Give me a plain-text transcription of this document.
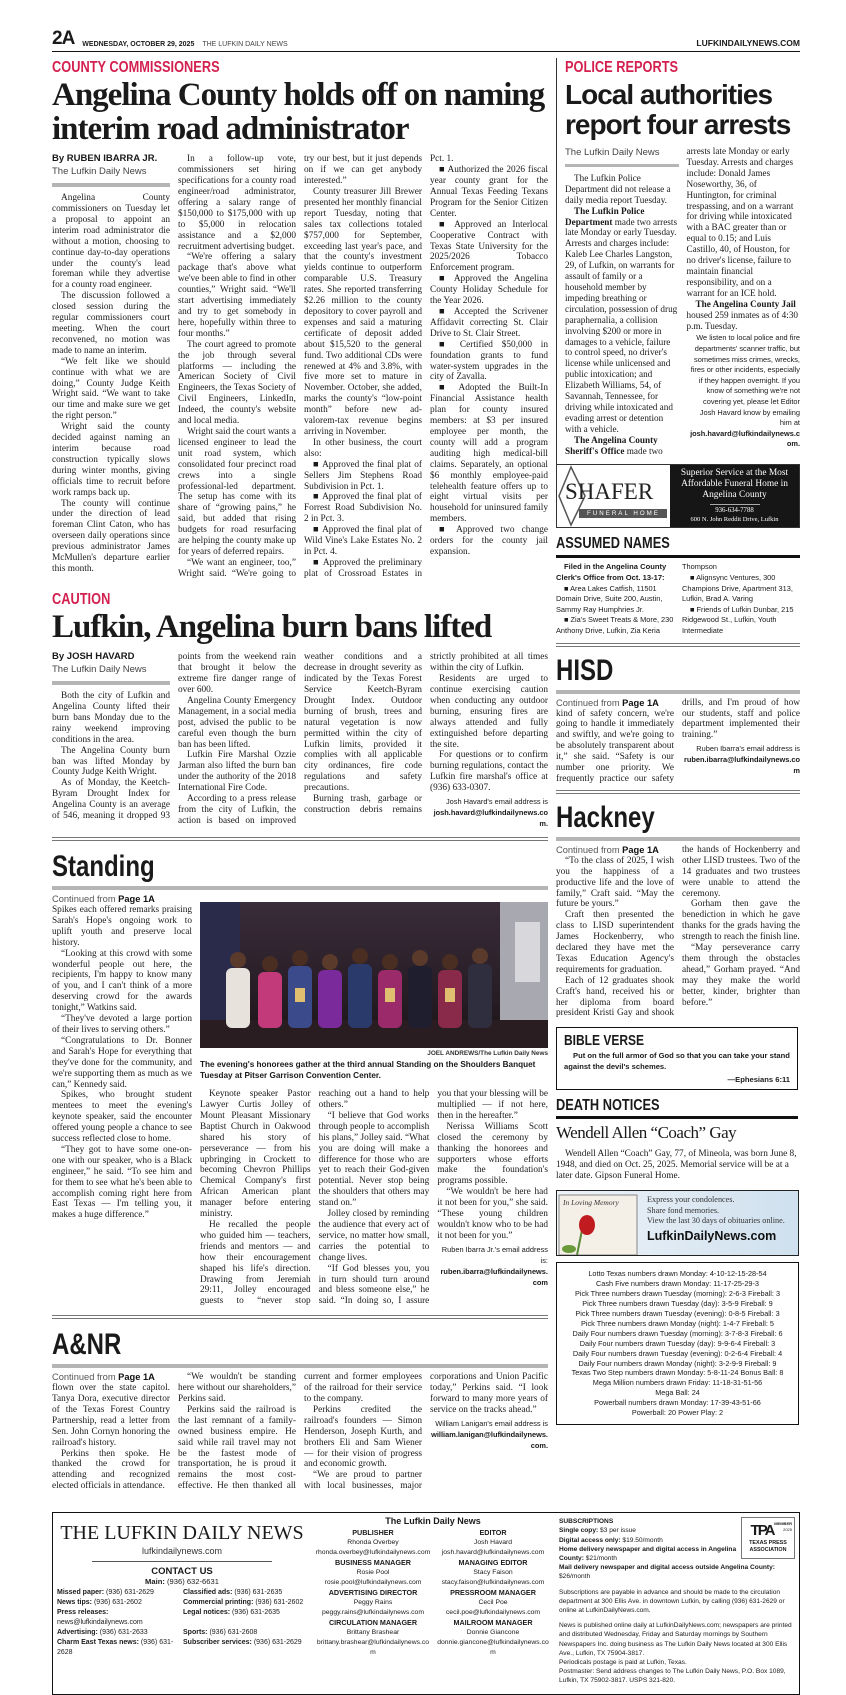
2A WEDNESDAY, OCTOBER 29, 2025 THE LUFKIN DAILY NEWS	LUFKINDAILYNEWS.COM
COUNTY COMMISSIONERS
Angelina County holds off on naming interim road administrator
By RUBEN IBARRA JR.
The Lufkin Daily News

Angelina County commissioners on Tuesday let a proposal to appoint an interim road administrator die without a motion, choosing to continue day-to-day operations under the county's lead foreman while they advertise for a county road engineer.

The discussion followed a closed session during the regular commissioners court meeting. When the court reconvened, no motion was made to name an interim.

“We felt like we should continue with what we are doing,” County Judge Keith Wright said. “We want to take our time and make sure we get the right person.”

Wright said the county decided against naming an interim because road construction typically slows during winter months, giving officials time to recruit before work ramps back up.

The county will continue under the direction of lead foreman Clint Caton, who has overseen daily operations since previous administrator James McMullen's departure earlier this month.

In a follow-up vote, commissioners set hiring specifications for a county road engineer/road administrator, offering a salary range of $150,000 to $175,000 with up to $5,000 in relocation assistance and a $2,000 recruitment advertising budget.

“We're offering a salary package that's above what we've been able to find in other counties,” Wright said. “We'll start advertising immediately and try to get somebody in here, hopefully within three to four months.”

The court agreed to promote the job through several platforms — including the American Society of Civil Engineers, the Texas Society of Civil Engineers, LinkedIn, Indeed, the county's website and local media.

Wright said the court wants a licensed engineer to lead the unit road system, which consolidated four precinct road crews into a single professional-led department. The setup has come with its share of “growing pains,” he said, but added that rising budgets for road resurfacing are helping the county make up for years of deferred repairs.

“We want an engineer, too,” Wright said. “We're going to try our best, but it just depends on if we can get anybody interested.”

County treasurer Jill Brewer presented her monthly financial report Tuesday, noting that sales tax collections totaled $757,000 for September, exceeding last year's pace, and that the county's investment yields continue to outperform comparable U.S. Treasury rates. She reported transferring $2.26 million to the county depository to cover payroll and expenses and said a maturing certificate of deposit added about $15,520 to the general fund. Two additional CDs were renewed at 4% and 3.8%, with five more set to mature in November. October, she added, marks the county's “low-point month” before new ad-valorem-tax revenue begins arriving in November.

In other business, the court also:

■ Approved the final plat of Sellers Jim Stephens Road Subdivision in Pct. 1.

■ Approved the final plat of Forrest Road Subdivision No. 2 in Pct. 3.

■ Approved the final plat of Wild Vine's Lake Estates No. 2 in Pct. 4.

■ Approved the preliminary plat of Crossroad Estates in Pct. 1.

■ Authorized the 2026 fiscal year county grant for the Annual Texas Feeding Texans Program for the Senior Citizen Center.

■ Approved an Interlocal Cooperative Contract with Texas State University for the 2025/2026 Tobacco Enforcement program.

■ Approved the Angelina County Holiday Schedule for the Year 2026.

■ Accepted the Scrivener Affidavit correcting St. Clair Drive to St. Clair Street.

■ Certified $50,000 in foundation grants to fund water-system upgrades in the city of Zavalla.

■ Adopted the Built-In Financial Assistance health plan for county insured members: at $3 per insured employee per month, the county will add a program auditing high medical-bill claims. Separately, an optional $6 monthly employee-paid telehealth feature offers up to eight virtual visits per household for uninsured family members.

■ Approved two change orders for the county jail expansion.

CAUTION
Lufkin, Angelina burn bans lifted
By JOSH HAVARD
The Lufkin Daily News

Both the city of Lufkin and Angelina County lifted their burn bans Monday due to the rainy weekend improving conditions in the area.

The Angelina County burn ban was lifted Monday by County Judge Keith Wright.

As of Monday, the Keetch-Byram Drought Index for Angelina County is an average of 546, meaning it dropped 93 points from the weekend rain that brought it below the extreme fire danger range of over 600.

Angelina County Emergency Management, in a social media post, advised the public to be careful even though the burn ban has been lifted.

Lufkin Fire Marshal Ozzie Jarman also lifted the burn ban under the authority of the 2018 International Fire Code.

According to a press release from the city of Lufkin, the action is based on improved weather conditions and a decrease in drought severity as indicated by the Texas Forest Service Keetch-Byram Drought Index. Outdoor burning of brush, trees and natural vegetation is now permitted within the city of Lufkin limits, provided it complies with all applicable city ordinances, fire code regulations and safety precautions.

Burning trash, garbage or construction debris remains strictly prohibited at all times within the city of Lufkin.

Residents are urged to continue exercising caution when conducting any outdoor burning, ensuring fires are always attended and fully extinguished before departing the site.

For questions or to confirm burning regulations, contact the Lufkin fire marshal's office at (936) 633-0307.

Josh Havard's email address is
josh.havard@lufkindailynews.com.
Standing

Continued from Page 1A

Spikes each offered remarks praising Sarah's Hope's ongoing work to uplift youth and preserve local history.

“Looking at this crowd with some wonderful people out here, the recipients, I'm happy to know many of you, and I can't think of a more deserving crowd for the awards tonight,” Watkins said.

“They've devoted a large portion of their lives to serving others.”

“Congratulations to Dr. Bonner and Sarah's Hope for everything that they've done for the community, and we're supporting them as much as we can,” Kennedy said.

Spikes, who brought student mentees to meet the evening's keynote speaker, said the encounter offered young people a chance to see success reflected close to home.

“They got to have some one-on-one with our speaker, who is a Black engineer,” he said. “To see him and for them to see what he's been able to accomplish coming right here from East Texas — I'm telling you, it makes a huge difference.”

JOEL ANDREWS/The Lufkin Daily News
The evening's honorees gather at the third annual Standing on the Shoulders Banquet Tuesday at Pitser Garrison Convention Center.

Keynote speaker Pastor Lawyer Curtis Jolley of Mount Pleasant Missionary Baptist Church in Oakwood shared his story of perseverance — from his upbringing in Crockett to becoming Chevron Phillips Chemical Company's first African American plant manager before entering ministry.

He recalled the people who guided him — teachers, friends and mentors — and how their encouragement shaped his life's direction. Drawing from Jeremiah 29:11, Jolley encouraged guests to “never stop reaching out a hand to help others.”

“I believe that God works through people to accomplish his plans,” Jolley said. “What you are doing will make a difference for those who are yet to reach their God-given potential. Never stop being the shoulders that others may stand on.”

Jolley closed by reminding the audience that every act of service, no matter how small, carries the potential to change lives.

“If God blesses you, you in turn should turn around and bless someone else,” he said. “In doing so, I assure you that your blessing will be multiplied — if not here, then in the hereafter.”

Nerissa Williams Scott closed the ceremony by thanking the honorees and supporters whose efforts make the foundation's programs possible.

“We wouldn't be here had it not been for you,” she said. “These young children wouldn't know who to be had it not been for you.”

Ruben Ibarra Jr.'s email address is:
ruben.ibarra@lufkindailynews.com
A&NR

Continued from Page 1A

flown over the state capitol. Tanya Dora, executive director of the Texas Forest Country Partnership, read a letter from Sen. John Cornyn honoring the railroad's history.

Perkins then spoke. He thanked the crowd for attending and recognized elected officials in attendance.

“We wouldn't be standing here without our shareholders,” Perkins said.

Perkins said the railroad is the last remnant of a family-owned business empire. He said while rail travel may not be the fastest mode of transportation, he is proud it remains the most cost-effective. He then thanked all current and former employees of the railroad for their service to the company.

Perkins credited the railroad's founders — Simon Henderson, Joseph Kurth, and brothers Eli and Sam Wiener — for their vision of progress and economic growth.

“We are proud to partner with local businesses, major corporations and Union Pacific today,” Perkins said. “I look forward to many more years of service on the tracks ahead.”

William Lanigan's email address is
william.lanigan@lufkindailynews.com.
POLICE REPORTS
Local authorities report four arrests
The Lufkin Daily News

The Lufkin Police Department did not release a daily media report Tuesday.

The Lufkin Police Department made two arrests late Monday or early Tuesday. Arrests and charges include: Kaleb Lee Charles Langston, 29, of Lufkin, on warrants for assault of family or a household member by impeding breathing or circulation, possession of drug paraphernalia, a collision involving $200 or more in damages to a vehicle, failure to control speed, no driver's license while unlicensed and public intoxication; and Elizabeth Williams, 54, of Savannah, Tennessee, for driving while intoxicated and evading arrest or detention with a vehicle.

The Angelina County Sheriff's Office made two arrests late Monday or early Tuesday. Arrests and charges include: Donald James Noseworthy, 36, of Huntington, for criminal trespassing, and on a warrant for driving while intoxicated with a BAC greater than or equal to 0.15; and Luis Castillo, 40, of Houston, for no driver's license, failure to maintain financial responsibility, and on a warrant for an ICE hold.

The Angelina County Jail housed 259 inmates as of 4:30 p.m. Tuesday.

We listen to local police and fire departments' scanner traffic, but sometimes miss crimes, wrecks, fires or other incidents, especially if they happen overnight. If you know of something we're not covering yet, please let Editor Josh Havard know by emailing him at
josh.havard@lufkindailynews.com.
SHAFER
FUNERAL HOME
Superior Service at the Most Affordable Funeral Home in Angelina County
936-634-7788
600 N. John Reddit Drive, Lufkin
ASSUMED NAMES

Filed in the Angelina County Clerk's Office from Oct. 13-17:

■ Area Lakes Catfish, 11501 Domain Drive, Suite 200, Austin, Sammy Ray Humphries Jr.

■ Zia's Sweet Treats & More, 230 Anthony Drive, Lufkin, Zia Keria Thompson

■ Alignsync Ventures, 300 Champions Drive, Apartment 313, Lufkin, Brad A. Varing

■ Friends of Lufkin Dunbar, 215 Ridgewood St., Lufkin, Youth Intermediate

HISD

Continued from Page 1A

kind of safety concern, we're going to handle it immediately and swiftly, and we're going to be absolutely transparent about it,” she said. “Safety is our number one priority. We frequently practice our safety drills, and I'm proud of how our students, staff and police department implemented their training.”

Ruben Ibarra's email address is
ruben.ibarra@lufkindailynews.com
Hackney

Continued from Page 1A

“To the class of 2025, I wish you the happiness of a productive life and the love of family,” Craft said. “May the future be yours.”

Craft then presented the class to LISD superintendent James Hockenberry, who declared they have met the Texas Education Agency's requirements for graduation.

Each of 12 graduates shook Craft's hand, received his or her diploma from board president Kristi Gay and shook the hands of Hockenberry and other LISD trustees. Two of the 14 graduates and two trustees were unable to attend the ceremony.

Gorham then gave the benediction in which he gave thanks for the grads having the strength to reach the finish line.

“May perseverance carry them through the obstacles ahead,” Gorham prayed. “And may they make the world better, kinder, brighter than before.”

BIBLE VERSE
Put on the full armor of God so that you can take your stand against the devil's schemes.
—Ephesians 6:11
DEATH NOTICES
Wendell Allen “Coach” Gay
Wendell Allen “Coach” Gay, 77, of Mineola, was born June 8, 1948, and died on Oct. 25, 2025. Memorial service will be at a later date. Gipson Funeral Home.
In Loving Memory	Express your condolences.
Share fond memories.
View the last 30 days of obituaries online.
LufkinDailyNews.com

Lotto Texas numbers drawn Monday: 4-10-12-15-28-54

Cash Five numbers drawn Monday: 11-17-25-29-3

Pick Three numbers drawn Tuesday (morning): 2-6-3 Fireball: 3

Pick Three numbers drawn Tuesday (day): 3-5-9 Fireball: 9

Pick Three numbers drawn Tuesday (evening): 0-8-5 Fireball: 3

Pick Three numbers drawn Monday (night): 1-4-7 Fireball: 5

Daily Four numbers drawn Tuesday (morning): 3-7-8-3 Fireball: 6

Daily Four numbers drawn Tuesday (day): 9-9-6-4 Fireball: 3

Daily Four numbers drawn Tuesday (evening): 0-2-6-4 Fireball: 4

Daily Four numbers drawn Monday (night): 3-2-9-9 Fireball: 9

Texas Two Step numbers drawn Monday: 5-8-11-24 Bonus Ball: 8

Mega Million numbers drawn Friday: 11-18-31-51-56

Mega Ball: 24

Powerball numbers drawn Monday: 17-39-43-51-66

Powerball: 20 Power Play: 2

THE LUFKIN DAILY NEWS
lufkindailynews.com
CONTACT US
Main: (936) 632-6631
Missed paper: (936) 631-2629	Classified ads: (936) 631-2635
News tips: (936) 631-2602	Commercial printing: (936) 631-2602
Press releases: news@lufkindailynews.com
Legal notices: (936) 631-2635
Advertising: (936) 631-2633	Sports: (936) 631-2608
Charm East Texas news: (936) 631-2628
Subscriber services: (936) 631-2629
The Lufkin Daily News
PUBLISHER
Rhonda Overbey
rhonda.overbey@lufkindailynews.com
BUSINESS MANAGER
Rosie Pool
rosie.pool@lufkindailynews.com
ADVERTISING DIRECTOR
Peggy Rains
peggy.rains@lufkindailynews.com
CIRCULATION MANAGER
Brittany Brashear
brittany.brashear@lufkindailynews.com
EDITOR
Josh Havard
josh.havard@lufkindailynews.com
MANAGING EDITOR
Stacy Faison
stacy.faison@lufkindailynews.com
PRESSROOM MANAGER
Cecil Poe
cecil.poe@lufkindailynews.com
MAILROOM MANAGER
Donnie Giancone
donnie.giancone@lufkindailynews.com
TPA MEMBER
2025
TEXAS PRESS ASSOCIATION
SUBSCRIPTIONS
Single copy: $3 per issue
Digital access only: $19.50/month
Home delivery newspaper and digital access in Angelina County: $21/month
Mail delivery newspaper and digital access outside Angelina County: $26/month

Subscriptions are payable in advance and should be made to the circulation department at 300 Ellis Ave. in downtown Lufkin, by calling (936) 631-2629 or online at LufkinDailyNews.com.

News is published online daily at LufkinDailyNews.com; newspapers are printed and distributed Wednesday, Friday and Saturday mornings by Southern Newspapers Inc. doing business as The Lufkin Daily News located at 300 Ellis Ave., Lufkin, TX 75904-3817.

Periodicals postage is paid at Lufkin, Texas.

Postmaster: Send address changes to The Lufkin Daily News, P.O. Box 1089, Lufkin, TX 75902-3817. USPS 321-820.
